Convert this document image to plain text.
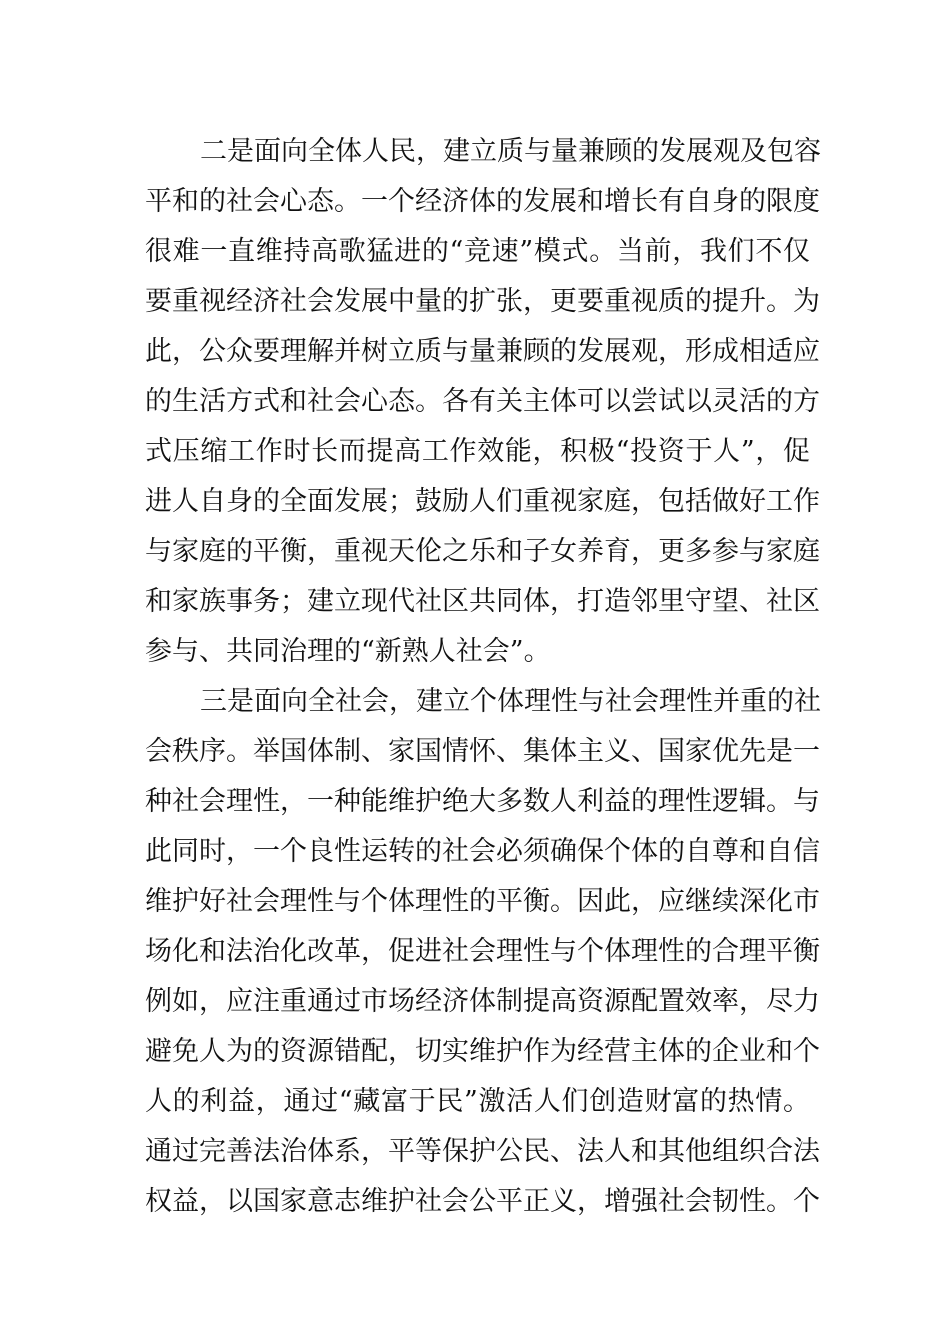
二是面向全体人民，建立质与量兼顾的发展观及包容
平和的社会心态。一个经济体的发展和增长有自身的限度
很难一直维持高歌猛进的“竞速”模式。当前，我们不仅
要重视经济社会发展中量的扩张，更要重视质的提升。为
此，公众要理解并树立质与量兼顾的发展观，形成相适应
的生活方式和社会心态。各有关主体可以尝试以灵活的方
式压缩工作时长而提高工作效能，积极“投资于人”，促
进人自身的全面发展；鼓励人们重视家庭，包括做好工作
与家庭的平衡，重视天伦之乐和子女养育，更多参与家庭
和家族事务；建立现代社区共同体，打造邻里守望、社区
参与、共同治理的“新熟人社会”。
三是面向全社会，建立个体理性与社会理性并重的社
会秩序。举国体制、家国情怀、集体主义、国家优先是一
种社会理性，一种能维护绝大多数人利益的理性逻辑。与
此同时，一个良性运转的社会必须确保个体的自尊和自信
维护好社会理性与个体理性的平衡。因此，应继续深化市
场化和法治化改革，促进社会理性与个体理性的合理平衡
例如，应注重通过市场经济体制提高资源配置效率，尽力
避免人为的资源错配，切实维护作为经营主体的企业和个
人的利益，通过“藏富于民”激活人们创造财富的热情。
通过完善法治体系，平等保护公民、法人和其他组织合法
权益，以国家意志维护社会公平正义，增强社会韧性。个
